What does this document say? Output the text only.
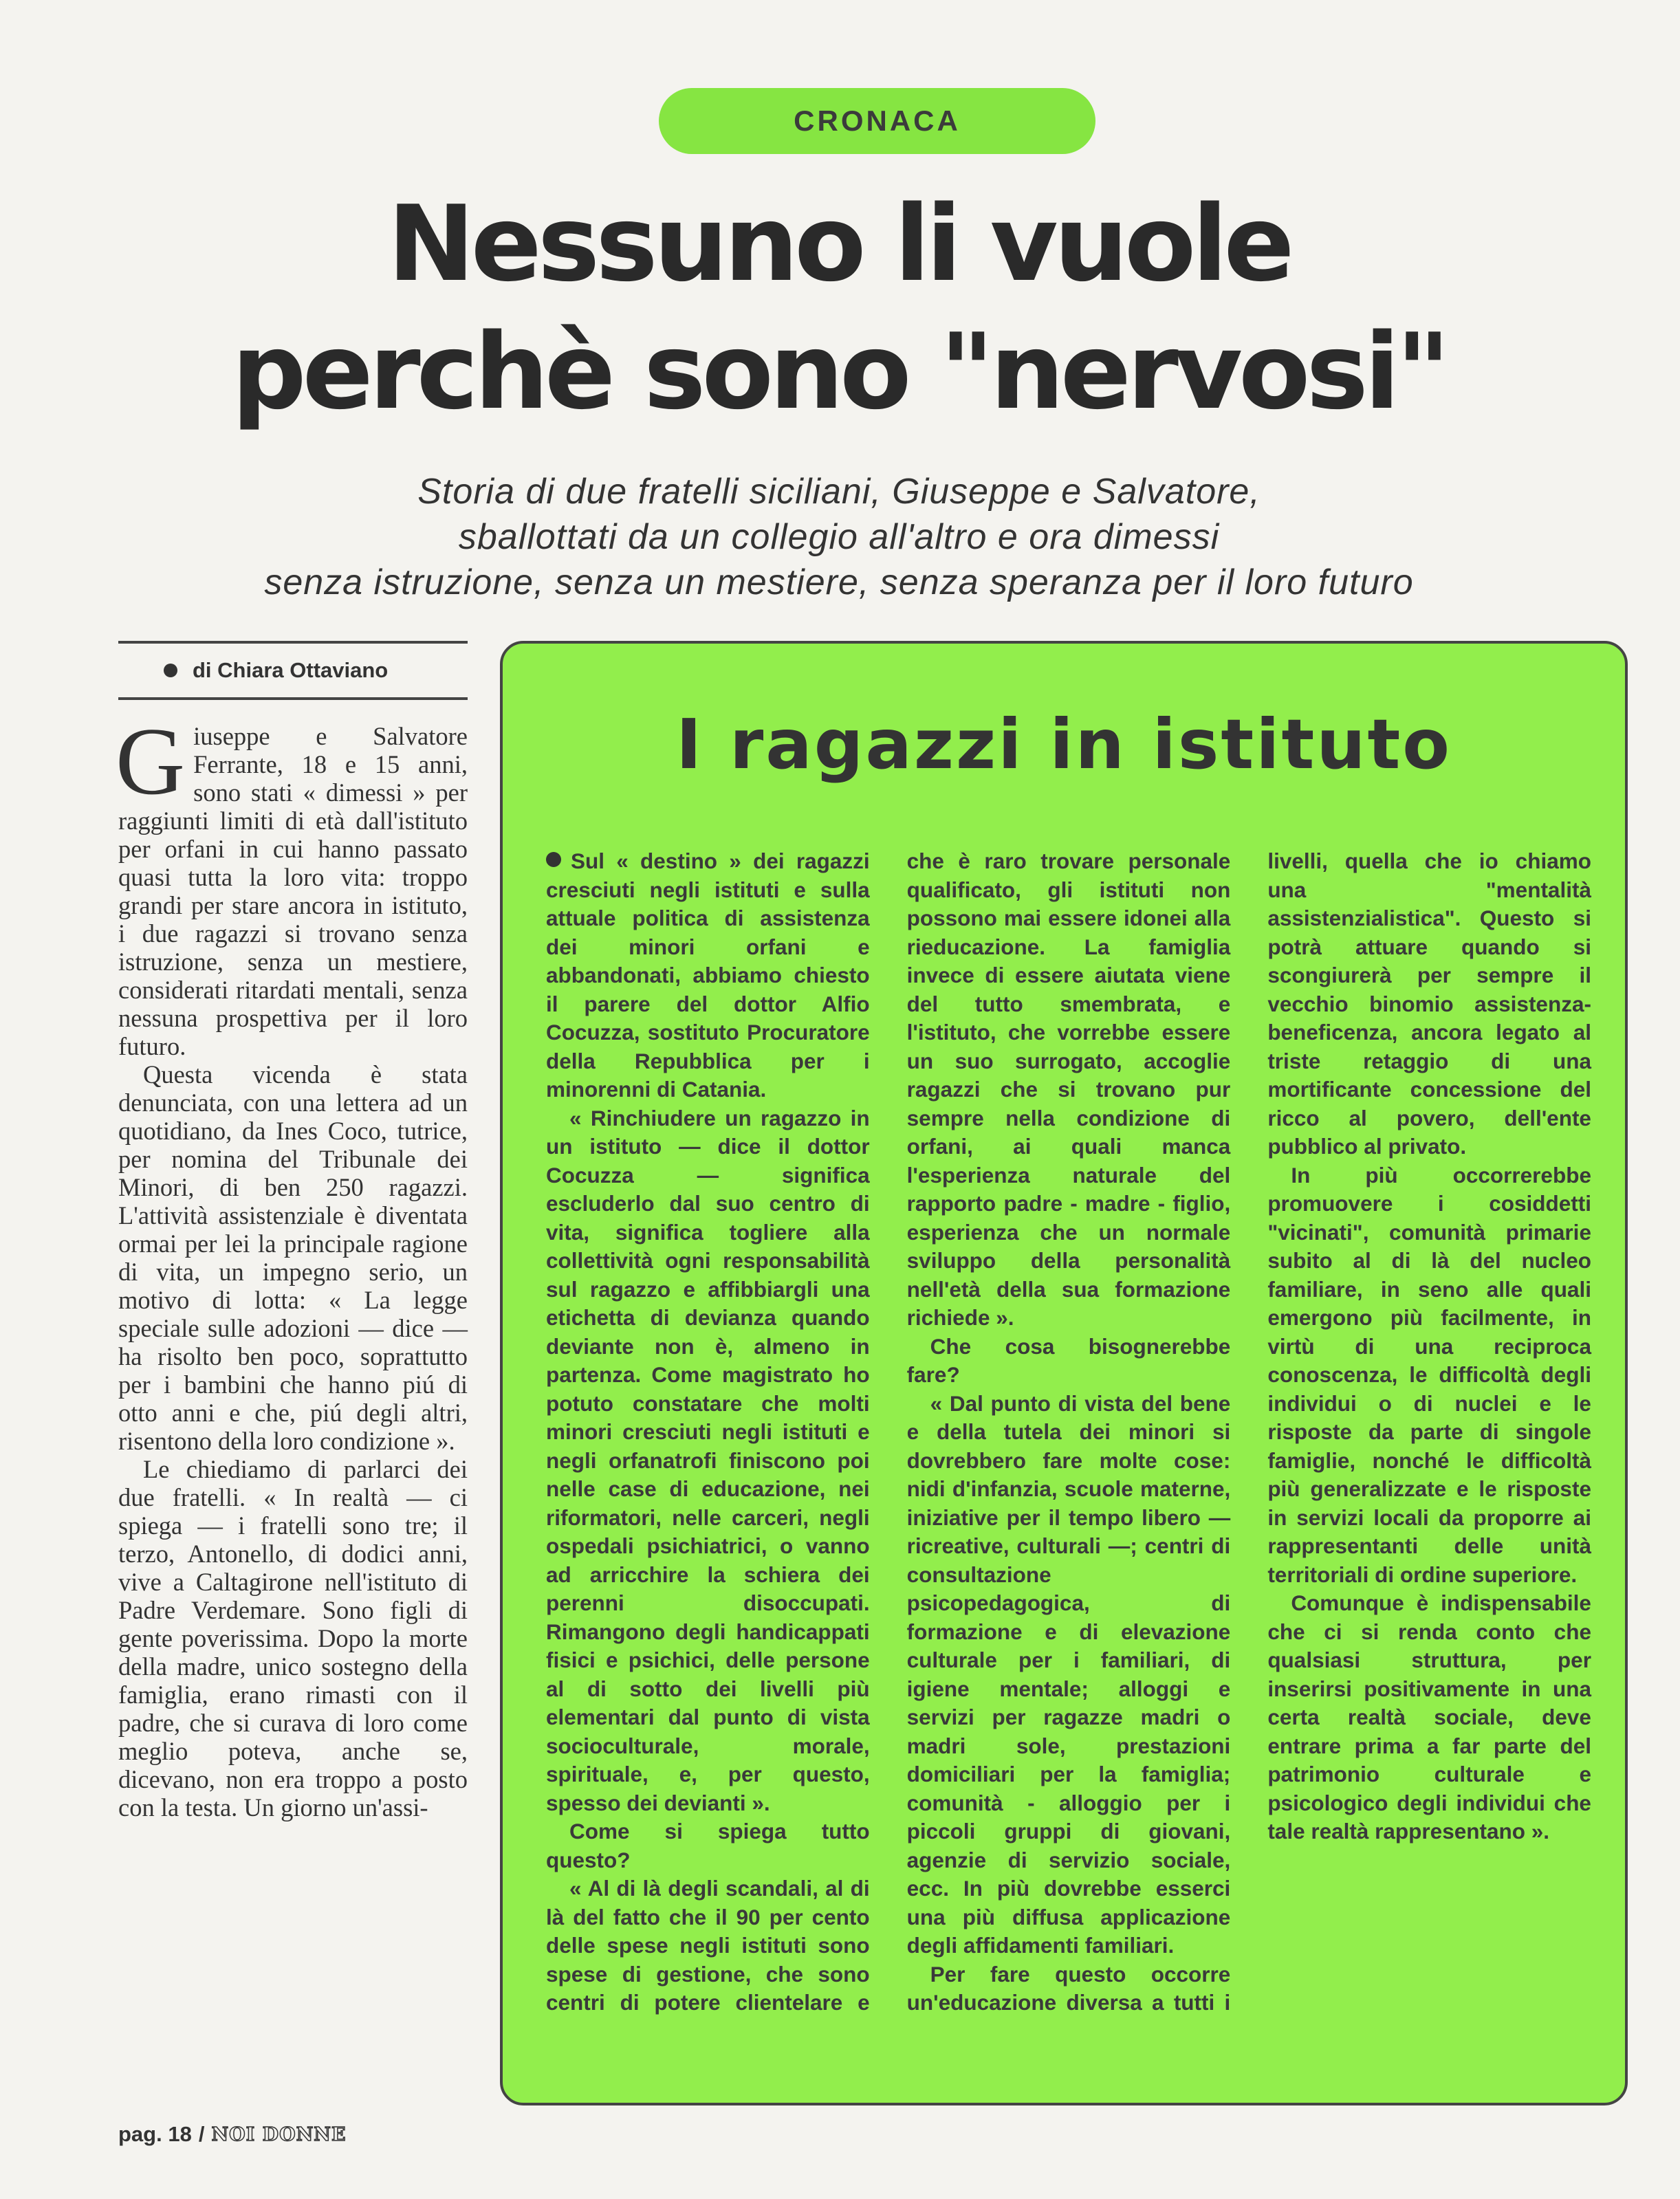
CRONACA
Nessuno li vuole
perchè sono "nervosi"
Storia di due fratelli siciliani, Giuseppe e Salvatore,
sballottati da un collegio all'altro e ora dimessi
senza istruzione, senza un mestiere, senza speranza per il loro futuro
di Chiara Ottaviano

Giuseppe e Salvatore Ferrante, 18 e 15 anni, sono stati « dimessi » per raggiunti limiti di età dall'istituto per orfani in cui hanno passato quasi tutta la loro vita: troppo grandi per stare ancora in istituto, i due ragazzi si trovano senza istruzione, senza un mestiere, considerati ritardati mentali, senza nessuna prospettiva per il loro futuro.

Questa vicenda è stata denunciata, con una lettera ad un quotidiano, da Ines Coco, tutrice, per nomina del Tribunale dei Minori, di ben 250 ragazzi. L'attività assistenziale è diventata ormai per lei la principale ragione di vita, un impegno serio, un motivo di lotta: « La legge speciale sulle adozioni — dice — ha risolto ben poco, soprattutto per i bambini che hanno piú di otto anni e che, piú degli altri, risentono della loro condizione ».

Le chiediamo di parlarci dei due fratelli. « In realtà — ci spiega — i fratelli sono tre; il terzo, Antonello, di dodici anni, vive a Caltagirone nell'istituto di Padre Verdemare. Sono figli di gente poverissima. Dopo la morte della madre, unico sostegno della famiglia, erano rimasti con il padre, che si curava di loro come meglio poteva, anche se, dicevano, non era troppo a posto con la testa. Un giorno un'assi-

I ragazzi in istituto

Sul « destino » dei ragazzi cresciuti negli istituti e sulla attuale politica di assistenza dei minori orfani e abbandonati, abbiamo chiesto il parere del dottor Alfio Cocuzza, sostituto Procuratore della Repubblica per i minorenni di Catania.

« Rinchiudere un ragazzo in un istituto — dice il dottor Cocuzza — significa escluderlo dal suo centro di vita, significa togliere alla collettività ogni responsabilità sul ragazzo e affibbiargli una etichetta di devianza quando deviante non è, almeno in partenza. Come magistrato ho potuto constatare che molti minori cresciuti negli istituti e negli orfanatrofi finiscono poi nelle case di educazione, nei riformatori, nelle carceri, negli ospedali psichiatrici, o vanno ad arricchire la schiera dei perenni disoccupati. Rimangono degli handicappati fisici e psichici, delle persone al di sotto dei livelli più elementari dal punto di vista socioculturale, morale, spirituale, e, per questo, spesso dei devianti ».

Come si spiega tutto questo?

« Al di là degli scandali, al di là del fatto che il 90 per cento delle spese negli istituti sono spese di gestione, che sono centri di potere clientelare e che è raro trovare personale qualificato, gli istituti non possono mai essere idonei alla rieducazione. La famiglia invece di essere aiutata viene del tutto smembrata, e l'istituto, che vorrebbe essere un suo surrogato, accoglie ragazzi che si trovano pur sempre nella condizione di orfani, ai quali manca l'esperienza naturale del rapporto padre - madre - figlio, esperienza che un normale sviluppo della personalità nell'età della sua formazione richiede ».

Che cosa bisognerebbe fare?

« Dal punto di vista del bene e della tutela dei minori si dovrebbero fare molte cose: nidi d'infanzia, scuole materne, iniziative per il tempo libero — ricreative, culturali —; centri di consultazione psicopedagogica, di formazione e di elevazione culturale per i familiari, di igiene mentale; alloggi e servizi per ragazze madri o madri sole, prestazioni domiciliari per la famiglia; comunità - alloggio per i piccoli gruppi di giovani, agenzie di servizio sociale, ecc. In più dovrebbe esserci una più diffusa applicazione degli affidamenti familiari.

Per fare questo occorre un'educazione diversa a tutti i livelli, quella che io chiamo una "mentalità assistenzialistica". Questo si potrà attuare quando si scongiurerà per sempre il vecchio binomio assistenza-beneficenza, ancora legato al triste retaggio di una mortificante concessione del ricco al povero, dell'ente pubblico al privato.

In più occorrerebbe promuovere i cosiddetti "vicinati", comunità primarie subito al di là del nucleo familiare, in seno alle quali emergono più facilmente, in virtù di una reciproca conoscenza, le difficoltà degli individui o di nuclei e le risposte da parte di singole famiglie, nonché le difficoltà più generalizzate e le risposte in servizi locali da proporre ai rappresentanti delle unità territoriali di ordine superiore.

Comunque è indispensabile che ci si renda conto che qualsiasi struttura, per inserirsi positivamente in una certa realtà sociale, deve entrare prima a far parte del patrimonio culturale e psicologico degli individui che tale realtà rappresentano ».

pag. 18 / NOI DONNE
